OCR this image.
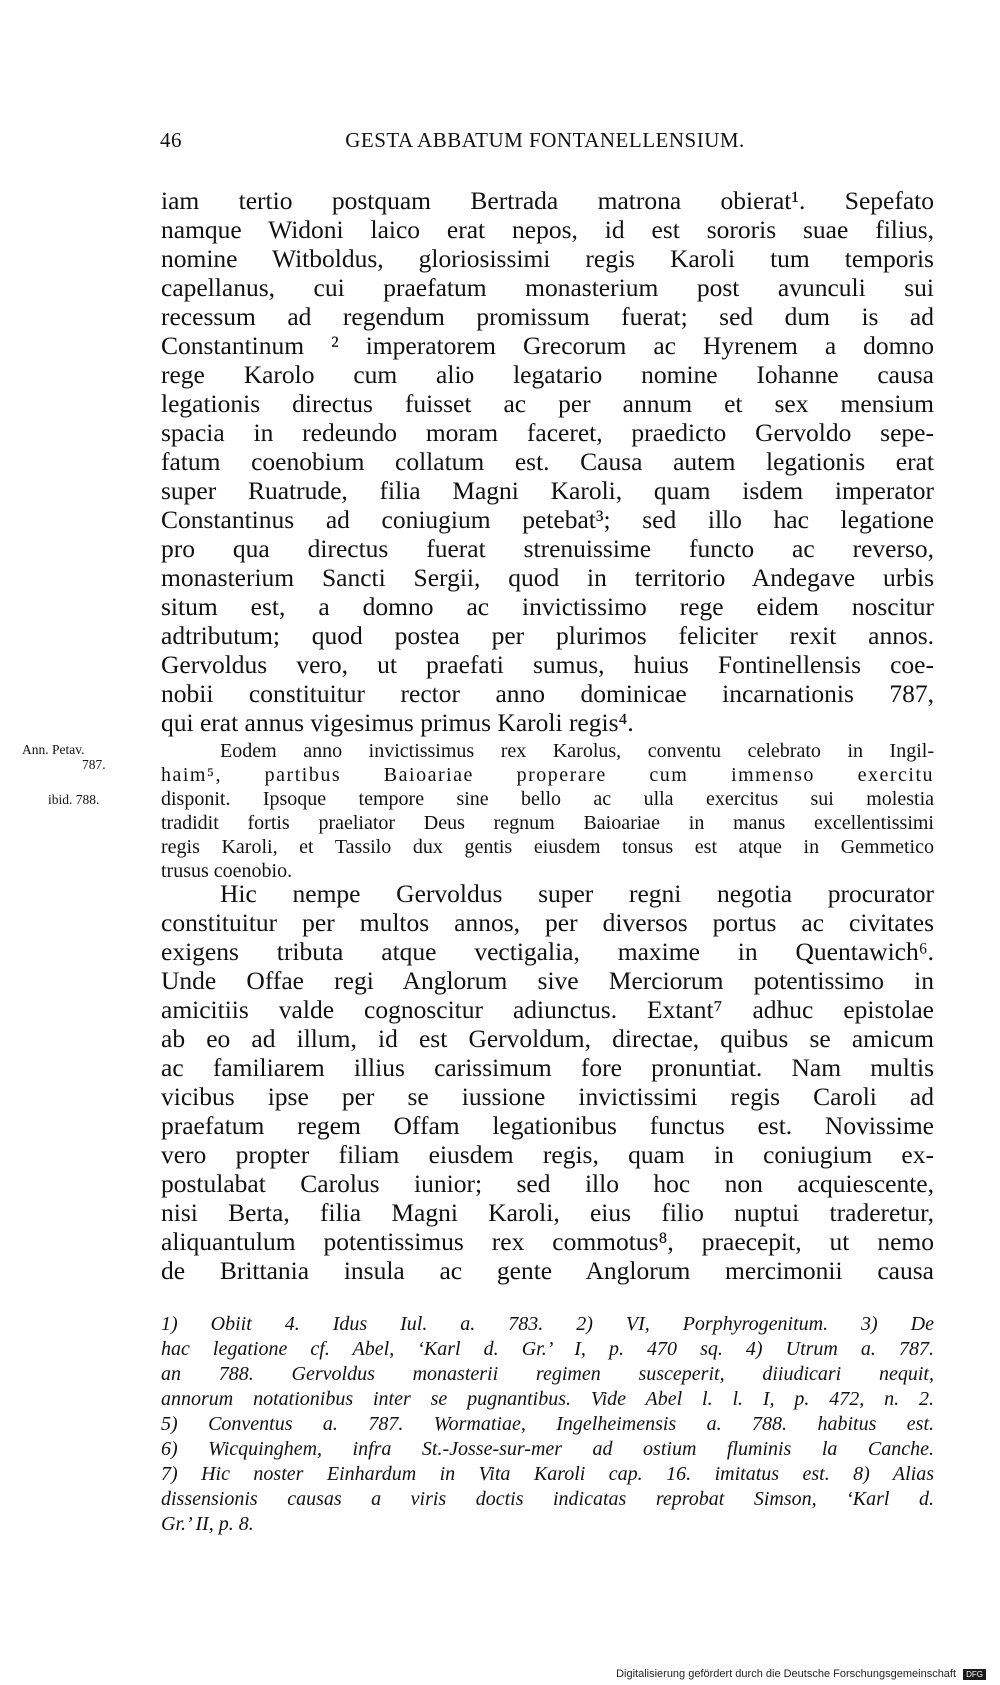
46	GESTA ABBATUM FONTANELLENSIUM.
iam tertio postquam Bertrada matrona obierat¹. Sepefato
namque Widoni laico erat nepos, id est sororis suae filius,
nomine Witboldus, gloriosissimi regis Karoli tum temporis
capellanus, cui praefatum monasterium post avunculi sui
recessum ad regendum promissum fuerat; sed dum is ad
Constantinum ² imperatorem Grecorum ac Hyrenem a domno
rege Karolo cum alio legatario nomine Iohanne causa
legationis directus fuisset ac per annum et sex mensium
spacia in redeundo moram faceret, praedicto Gervoldo sepe-
fatum coenobium collatum est. Causa autem legationis erat
super Ruatrude, filia Magni Karoli, quam isdem imperator
Constantinus ad coniugium petebat³; sed illo hac legatione
pro qua directus fuerat strenuissime functo ac reverso,
monasterium Sancti Sergii, quod in territorio Andegave urbis
situm est, a domno ac invictissimo rege eidem noscitur
adtributum; quod postea per plurimos feliciter rexit annos.
Gervoldus vero, ut praefati sumus, huius Fontinellensis coe-
nobii constituitur rector anno dominicae incarnationis 787,
qui erat annus vigesimus primus Karoli regis⁴.
Ann. Petav.
787.
ibid. 788.
Eodem anno invictissimus rex Karolus, conventu celebrato in Ingil-
haim⁵, partibus Baioariae properare cum immenso exercitu
disponit. Ipsoque tempore sine bello ac ulla exercitus sui molestia
tradidit fortis praeliator Deus regnum Baioariae in manus excellentissimi
regis Karoli, et Tassilo dux gentis eiusdem tonsus est atque in Gemmetico
trusus coenobio.
Hic nempe Gervoldus super regni negotia procurator
constituitur per multos annos, per diversos portus ac civitates
exigens tributa atque vectigalia, maxime in Quentawich⁶.
Unde Offae regi Anglorum sive Merciorum potentissimo in
amicitiis valde cognoscitur adiunctus. Extant⁷ adhuc epistolae
ab eo ad illum, id est Gervoldum, directae, quibus se amicum
ac familiarem illius carissimum fore pronuntiat. Nam multis
vicibus ipse per se iussione invictissimi regis Caroli ad
praefatum regem Offam legationibus functus est. Novissime
vero propter filiam eiusdem regis, quam in coniugium ex-
postulabat Carolus iunior; sed illo hoc non acquiescente,
nisi Berta, filia Magni Karoli, eius filio nuptui traderetur,
aliquantulum potentissimus rex commotus⁸, praecepit, ut nemo
de Brittania insula ac gente Anglorum mercimonii causa
1) Obiit 4. Idus Iul. a. 783. 2) VI, Porphyrogenitum. 3) De
hac legatione cf. Abel, ‘Karl d. Gr.’ I, p. 470 sq. 4) Utrum a. 787.
an 788. Gervoldus monasterii regimen susceperit, diiudicari nequit,
annorum notationibus inter se pugnantibus. Vide Abel l. l. I, p. 472, n. 2.
5) Conventus a. 787. Wormatiae, Ingelheimensis a. 788. habitus est.
6) Wicquinghem, infra St.-Josse-sur-mer ad ostium fluminis la Canche.
7) Hic noster Einhardum in Vita Karoli cap. 16. imitatus est. 8) Alias
dissensionis causas a viris doctis indicatas reprobat Simson, ‘Karl d.
Gr.’ II, p. 8.
Digitalisierung gefördert durch die Deutsche Forschungsgemeinschaft DFG
